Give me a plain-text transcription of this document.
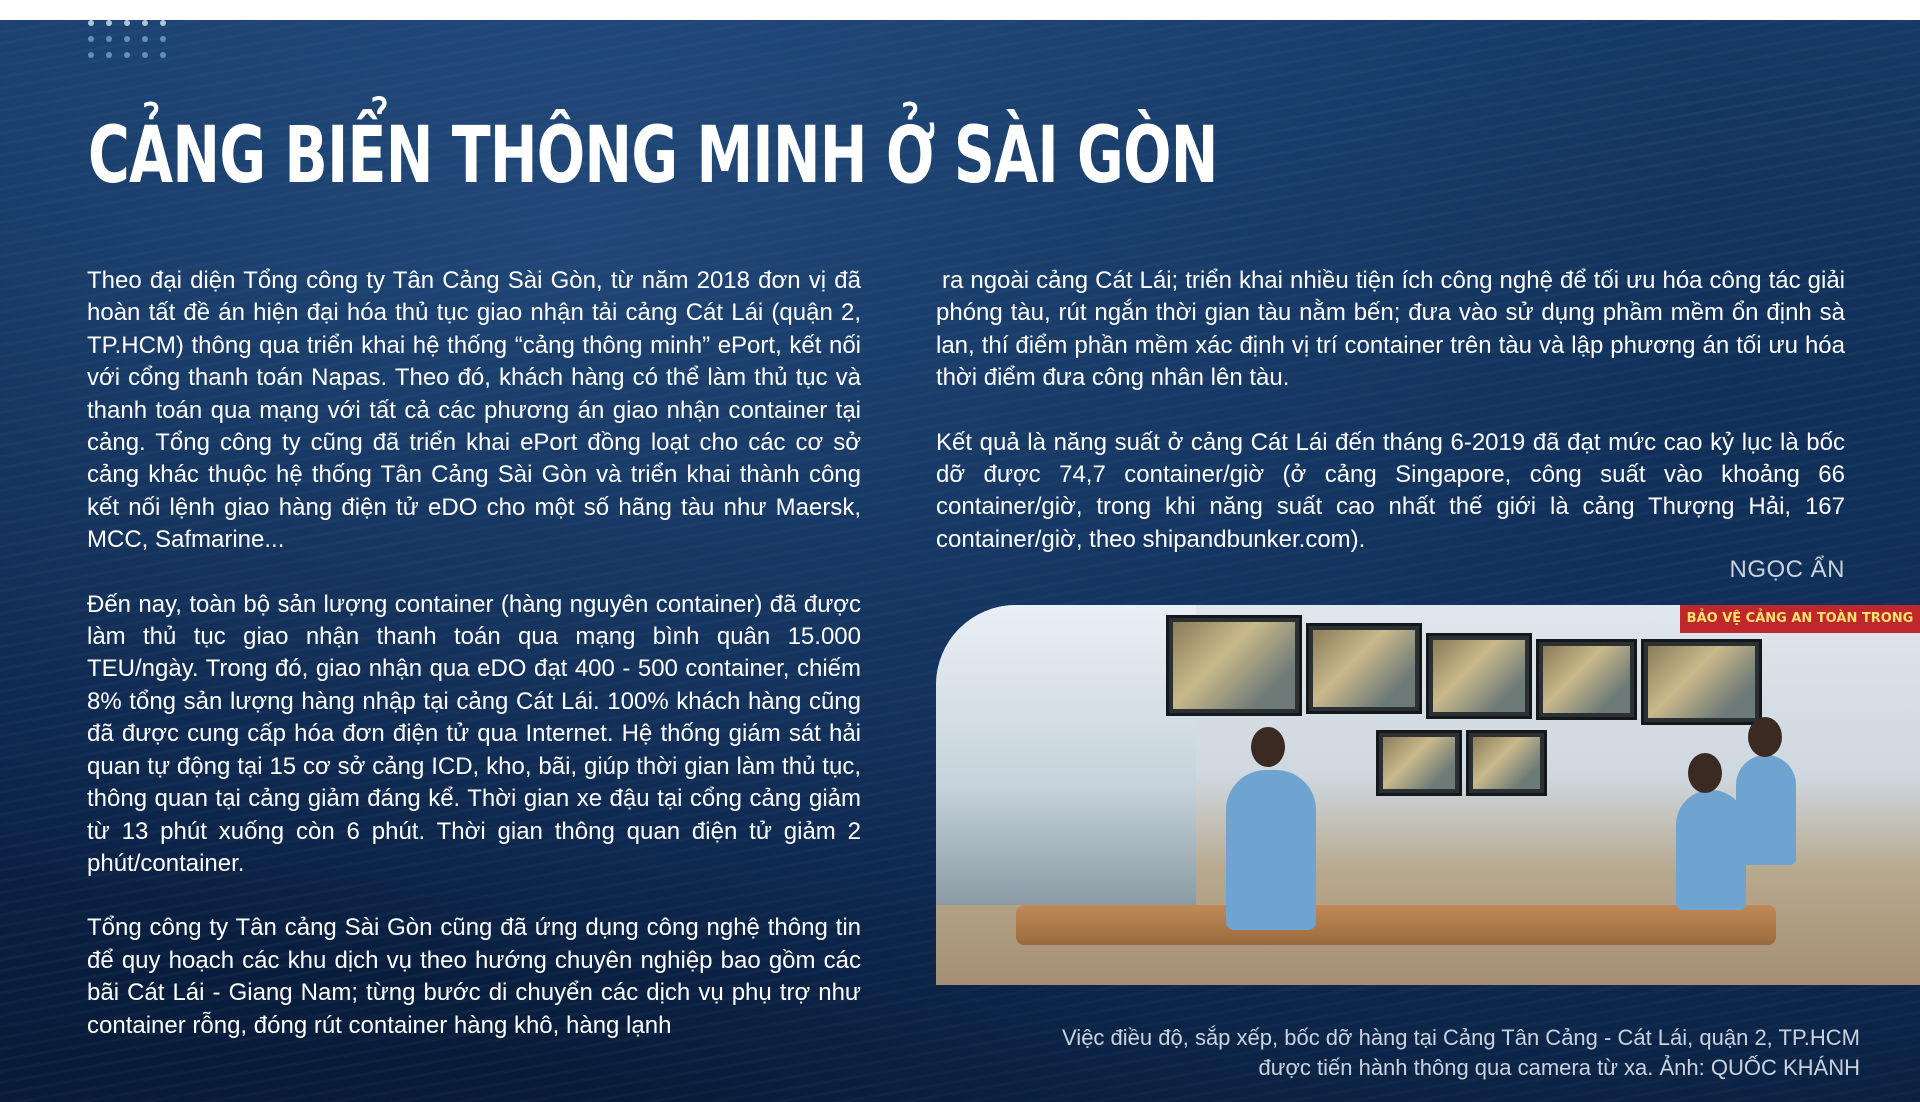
CẢNG BIỂN THÔNG MINH Ở SÀI GÒN

Theo đại diện Tổng công ty Tân Cảng Sài Gòn, từ năm 2018 đơn vị đã hoàn tất đề án hiện đại hóa thủ tục giao nhận tải cảng Cát Lái (quận 2, TP.HCM) thông qua triển khai hệ thống “cảng thông minh” ePort, kết nối với cổng thanh toán Napas. Theo đó, khách hàng có thể làm thủ tục và thanh toán qua mạng với tất cả các phương án giao nhận container tại cảng. Tổng công ty cũng đã triển khai ePort đồng loạt cho các cơ sở cảng khác thuộc hệ thống Tân Cảng Sài Gòn và triển khai thành công kết nối lệnh giao hàng điện tử eDO cho một số hãng tàu như Maersk, MCC, Safmarine...

Đến nay, toàn bộ sản lượng container (hàng nguyên container) đã được làm thủ tục giao nhận thanh toán qua mạng bình quân 15.000 TEU/ngày. Trong đó, giao nhận qua eDO đạt 400 - 500 container, chiếm 8% tổng sản lượng hàng nhập tại cảng Cát Lái. 100% khách hàng cũng đã được cung cấp hóa đơn điện tử qua Internet. Hệ thống giám sát hải quan tự động tại 15 cơ sở cảng ICD, kho, bãi, giúp thời gian làm thủ tục, thông quan tại cảng giảm đáng kể. Thời gian xe đậu tại cổng cảng giảm từ 13 phút xuống còn 6 phút. Thời gian thông quan điện tử giảm 2 phút/container.

Tổng công ty Tân cảng Sài Gòn cũng đã ứng dụng công nghệ thông tin để quy hoạch các khu dịch vụ theo hướng chuyên nghiệp bao gồm các bãi Cát Lái - Giang Nam; từng bước di chuyển các dịch vụ phụ trợ như container rỗng, đóng rút container hàng khô, hàng lạnh

ra ngoài cảng Cát Lái; triển khai nhiều tiện ích công nghệ để tối ưu hóa công tác giải phóng tàu, rút ngắn thời gian tàu nằm bến; đưa vào sử dụng phầm mềm ổn định sà lan, thí điểm phần mềm xác định vị trí container trên tàu và lập phương án tối ưu hóa thời điểm đưa công nhân lên tàu.

Kết quả là năng suất ở cảng Cát Lái đến tháng 6-2019 đã đạt mức cao kỷ lục là bốc dỡ được 74,7 container/giờ (ở cảng Singapore, công suất vào khoảng 66 container/giờ, trong khi năng suất cao nhất thế giới là cảng Thượng Hải, 167 container/giờ, theo shipandbunker.com).

NGỌC ẨN

BẢO VỆ CẢNG AN TOÀN TRONG

Việc điều độ, sắp xếp, bốc dỡ hàng tại Cảng Tân Cảng - Cát Lái, quận 2, TP.HCM
được tiến hành thông qua camera từ xa. Ảnh: QUỐC KHÁNH
